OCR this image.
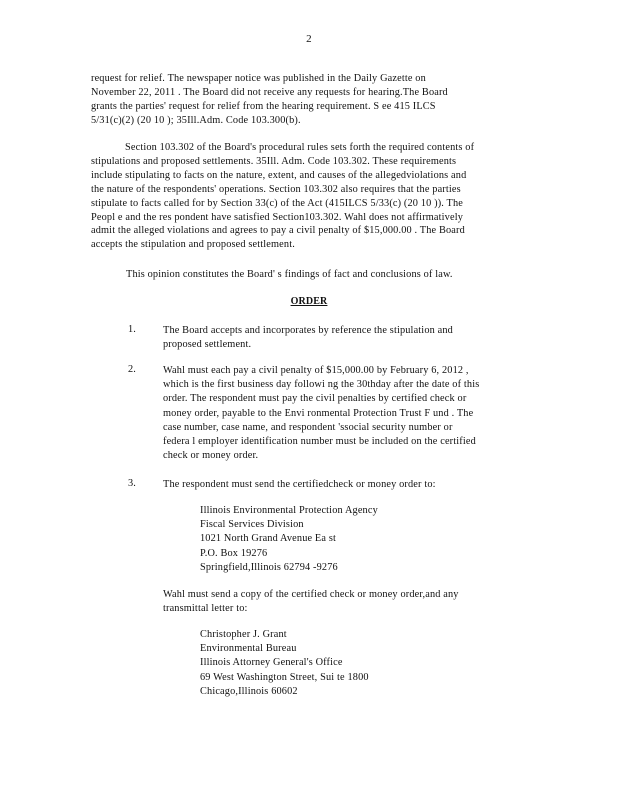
2
request for relief. The newspaper notice was published in the Daily Gazette on
November 22, 2011 . The Board did not receive any requests for hearing.The Board
grants the parties' request for relief from the hearing requirement. S ee 415 ILCS
5/31(c)(2) (20 10 ); 35Ill.Adm. Code 103.300(b).
Section 103.302 of the Board's procedural rules sets forth the required contents of
stipulations and proposed settlements. 35Ill. Adm. Code 103.302. These requirements
include stipulating to facts on the nature, extent, and causes of the allegedviolations and
the nature of the respondents' operations. Section 103.302 also requires that the parties
stipulate to facts called for by Section 33(c) of the Act (415ILCS 5/33(c) (20 10 )). The
Peopl e and the res pondent have satisfied Section103.302. Wahl does not affirmatively
admit the alleged violations and agrees to pay a civil penalty of $15,000.00 . The Board
accepts the stipulation and proposed settlement.
This opinion constitutes the Board' s findings of fact and conclusions of law.
ORDER
1.	The Board accepts and incorporates by reference the stipulation and
proposed settlement.
2.	Wahl must each pay a civil penalty of $15,000.00 by February 6, 2012 ,
which is the first business day followi ng the 30thday after the date of this
order. The respondent must pay the civil penalties by certified check or
money order, payable to the Envi ronmental Protection Trust F und . The
case number, case name, and respondent 'ssocial security number or
federa l employer identification number must be included on the certified
check or money order.
3.	The respondent must send the certifiedcheck or money order to:
Illinois Environmental Protection Agency
Fiscal Services Division
1021 North Grand Avenue Ea st
P.O. Box 19276
Springfield,Illinois 62794 -9276
Wahl must send a copy of the certified check or money order,and any
transmittal letter to:
Christopher J. Grant
Environmental Bureau
Illinois Attorney General's Office
69 West Washington Street, Sui te 1800
Chicago,Illinois 60602
